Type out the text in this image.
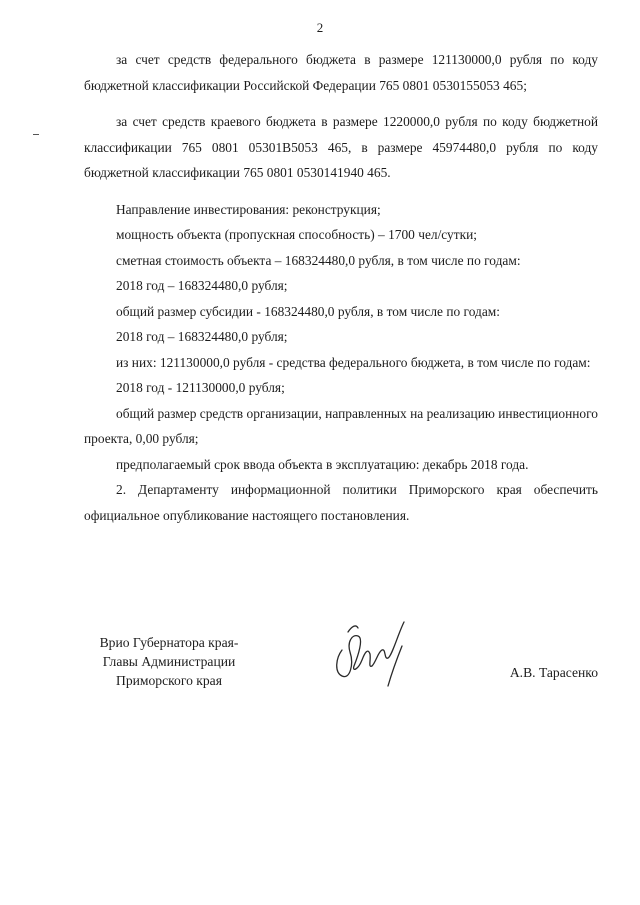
2

за счет средств федерального бюджета в размере 121130000,0 рубля по коду бюджетной классификации Российской Федерации 765 0801 0530155053 465;

за счет средств краевого бюджета в размере 1220000,0 рубля по коду бюджетной классификации 765 0801 05301В5053 465, в размере 45974480,0 рубля по коду бюджетной классификации 765 0801 0530141940 465.

Направление инвестирования: реконструкция;

мощность объекта (пропускная способность) – 1700 чел/сутки;

сметная стоимость объекта – 168324480,0 рубля, в том числе по годам:

2018 год – 168324480,0 рубля;

общий размер субсидии - 168324480,0 рубля, в том числе по годам:

2018 год – 168324480,0 рубля;

из них: 121130000,0 рубля - средства федерального бюджета, в том числе по годам:

2018 год - 121130000,0 рубля;

общий размер средств организации, направленных на реализацию инвестиционного проекта, 0,00 рубля;

предполагаемый срок ввода объекта в эксплуатацию: декабрь 2018 года.

2. Департаменту информационной политики Приморского края обеспечить официальное опубликование настоящего постановления.

Врио Губернатора края-
Главы Администрации
Приморского края
А.В. Тарасенко
